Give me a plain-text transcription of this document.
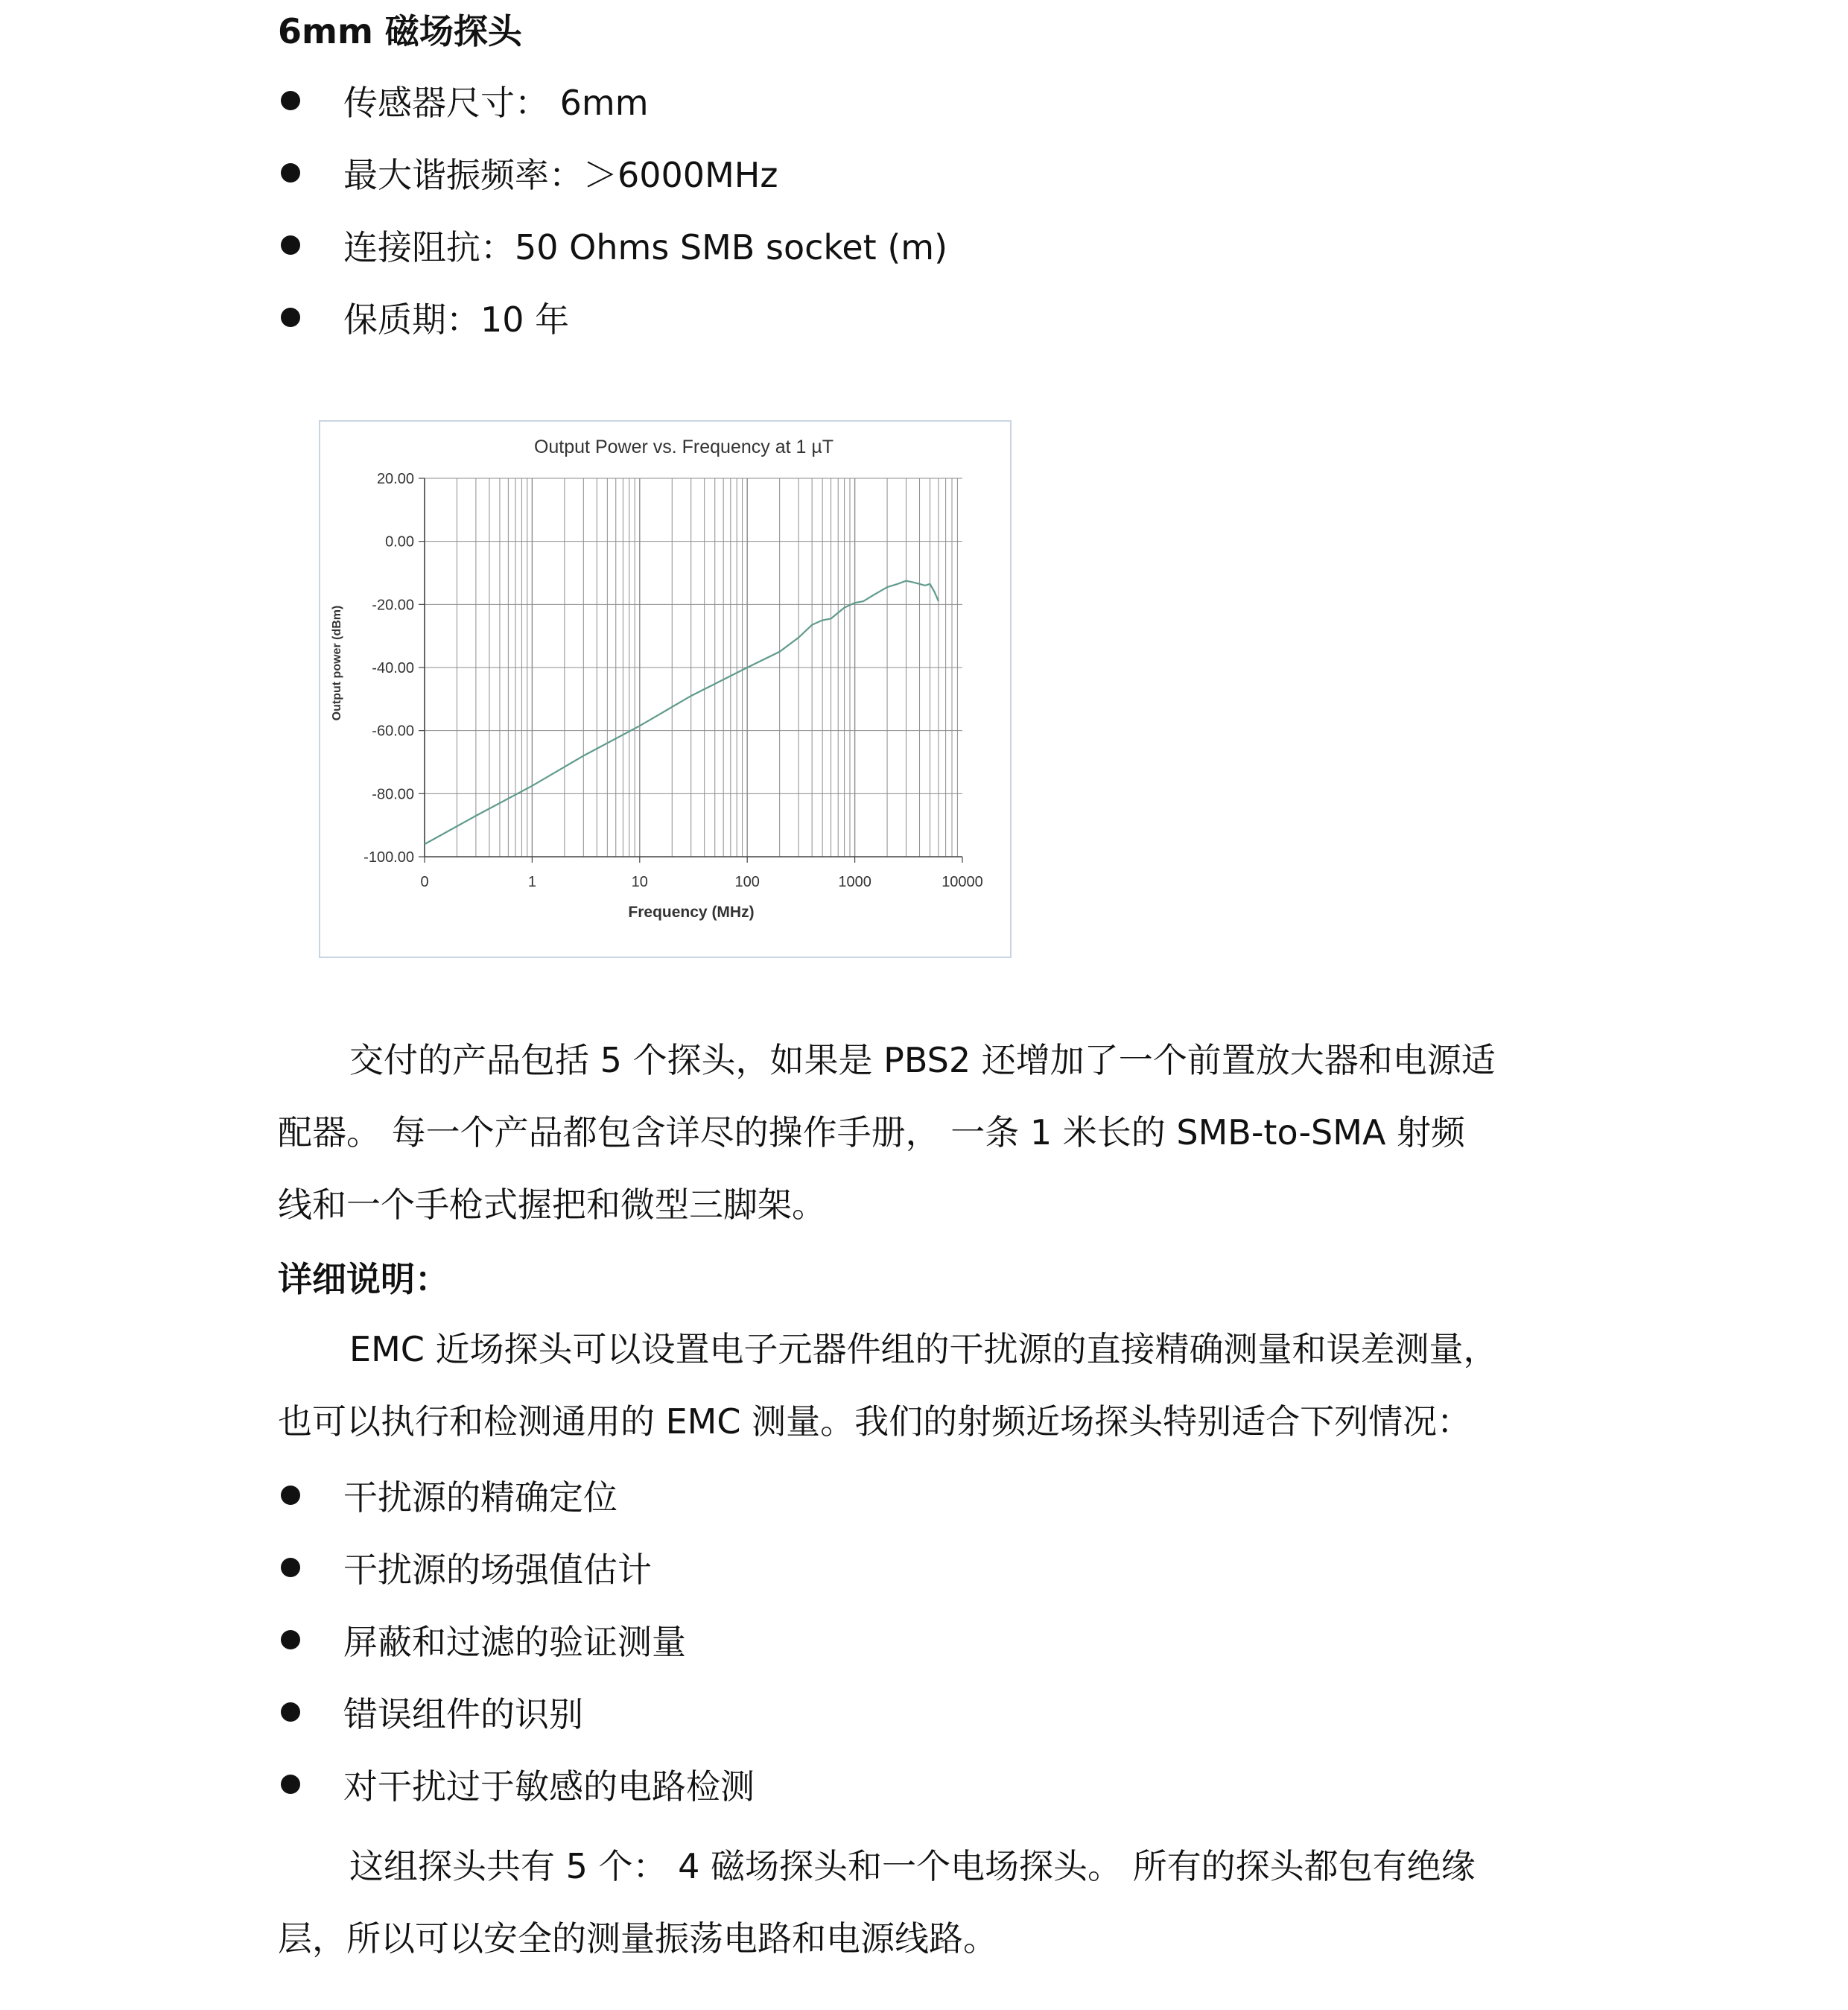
6mm 磁场探头
传感器尺寸： 6mm
最大谐振频率：＞6000MHz
连接阻抗：50 Ohms SMB socket (m)
保质期：10 年
Output Power vs. Frequency at 1 µT
20.00
0.00
-20.00
-40.00
-60.00
-80.00
-100.00
0	1	10	100	1000	10000
Frequency (MHz)
Output power (dBm)
交付的产品包括 5 个探头，如果是 PBS2 还增加了一个前置放大器和电源适
配器。 每一个产品都包含详尽的操作手册， 一条 1 米长的 SMB-to-SMA 射频
线和一个手枪式握把和微型三脚架。
详细说明：
EMC 近场探头可以设置电子元器件组的干扰源的直接精确测量和误差测量，
也可以执行和检测通用的 EMC 测量。我们的射频近场探头特别适合下列情况：
干扰源的精确定位
干扰源的场强值估计
屏蔽和过滤的验证测量
错误组件的识别
对干扰过于敏感的电路检测
这组探头共有 5 个： 4 磁场探头和一个电场探头。 所有的探头都包有绝缘
层，所以可以安全的测量振荡电路和电源线路。
